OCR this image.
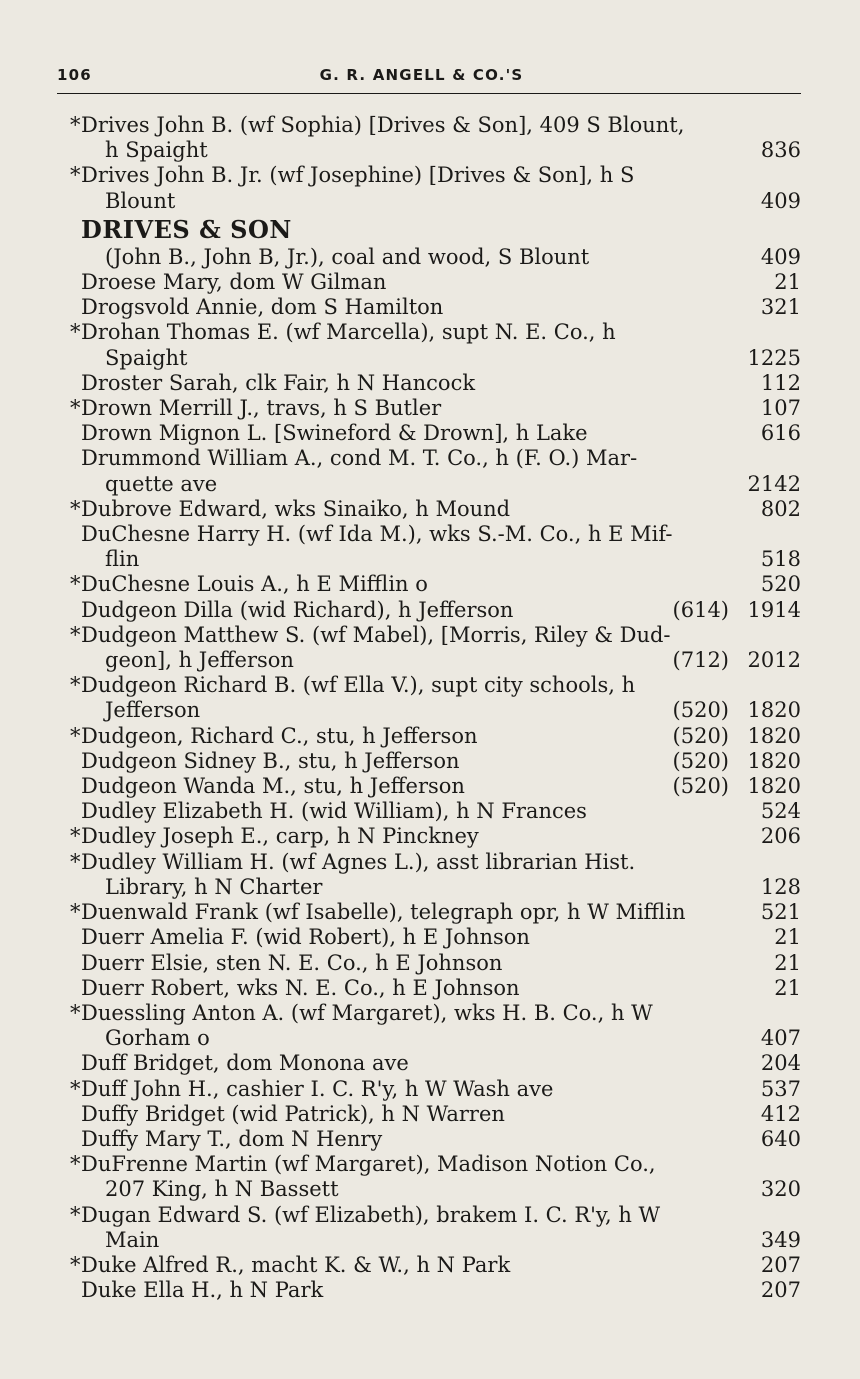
106	G. R. ANGELL & CO.'S
* Drives John B. (wf Sophia) [Drives & Son], 409 S Blount,
h Spaight	836
* Drives John B. Jr. (wf Josephine) [Drives & Son], h S
Blount	409
DRIVES & SON
(John B., John B, Jr.), coal and wood, S Blount	409
Droese Mary, dom W Gilman	21
Drogsvold Annie, dom S Hamilton	321
* Drohan Thomas E. (wf Marcella), supt N. E. Co., h
Spaight	1225
Droster Sarah, clk Fair, h N Hancock	112
* Drown Merrill J., travs, h S Butler	107
Drown Mignon L. [Swineford & Drown], h Lake	616
Drummond William A., cond M. T. Co., h (F. O.) Mar-
quette ave	2142
* Dubrove Edward, wks Sinaiko, h Mound	802
DuChesne Harry H. (wf Ida M.), wks S.-M. Co., h E Mif-
flin	518
* DuChesne Louis A., h E Mifflin o	520
Dudgeon Dilla (wid Richard), h Jefferson	(614) 1914
* Dudgeon Matthew S. (wf Mabel), [Morris, Riley & Dud-
geon], h Jefferson	(712) 2012
* Dudgeon Richard B. (wf Ella V.), supt city schools, h
Jefferson	(520) 1820
* Dudgeon, Richard C., stu, h Jefferson	(520) 1820
Dudgeon Sidney B., stu, h Jefferson	(520) 1820
Dudgeon Wanda M., stu, h Jefferson	(520) 1820
Dudley Elizabeth H. (wid William), h N Frances	524
* Dudley Joseph E., carp, h N Pinckney	206
* Dudley William H. (wf Agnes L.), asst librarian Hist.
Library, h N Charter	128
* Duenwald Frank (wf Isabelle), telegraph opr, h W Mifflin	521
Duerr Amelia F. (wid Robert), h E Johnson	21
Duerr Elsie, sten N. E. Co., h E Johnson	21
Duerr Robert, wks N. E. Co., h E Johnson	21
* Duessling Anton A. (wf Margaret), wks H. B. Co., h W
Gorham o	407
Duff Bridget, dom Monona ave	204
* Duff John H., cashier I. C. R'y, h W Wash ave	537
Duffy Bridget (wid Patrick), h N Warren	412
Duffy Mary T., dom N Henry	640
* DuFrenne Martin (wf Margaret), Madison Notion Co.,
207 King, h N Bassett	320
* Dugan Edward S. (wf Elizabeth), brakem I. C. R'y, h W
Main	349
* Duke Alfred R., macht K. & W., h N Park	207
Duke Ella H., h N Park	207
